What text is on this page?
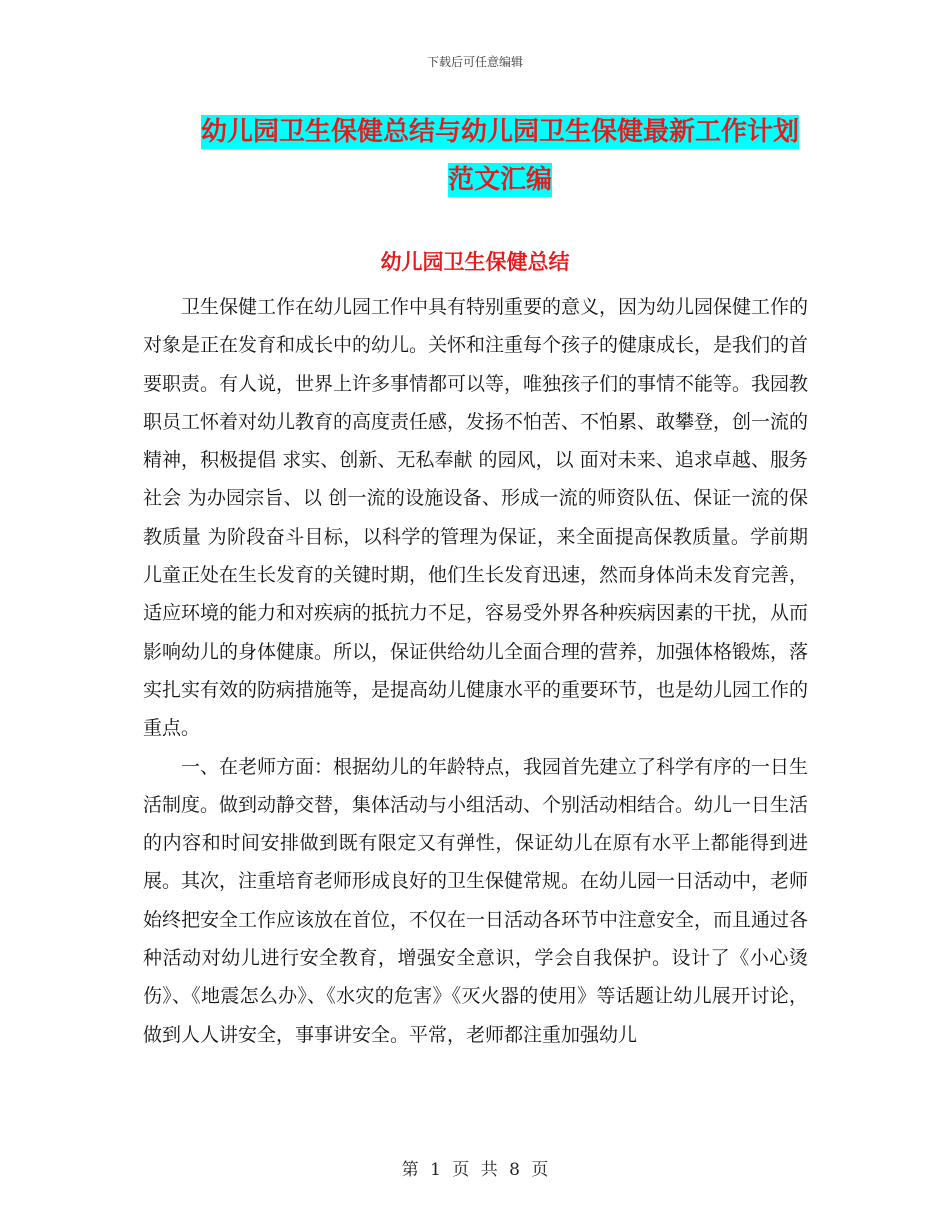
下载后可任意编辑
幼儿园卫生保健总结与幼儿园卫生保健最新工作计划
范文汇编
幼儿园卫生保健总结

卫生保健工作在幼儿园工作中具有特别重要的意义，因为幼儿园保健工作的对象是正在发育和成长中的幼儿。关怀和注重每个孩子的健康成长，是我们的首要职责。有人说，世界上许多事情都可以等，唯独孩子们的事情不能等。我园教职员工怀着对幼儿教育的高度责任感，发扬不怕苦、不怕累、敢攀登，创一流的精神，积极提倡 求实、创新、无私奉献 的园风，以 面对未来、追求卓越、服务社会 为办园宗旨、以 创一流的设施设备、形成一流的师资队伍、保证一流的保教质量 为阶段奋斗目标，以科学的管理为保证，来全面提高保教质量。学前期儿童正处在生长发育的关键时期，他们生长发育迅速，然而身体尚未发育完善，适应环境的能力和对疾病的抵抗力不足，容易受外界各种疾病因素的干扰，从而影响幼儿的身体健康。所以，保证供给幼儿全面合理的营养，加强体格锻炼，落实扎实有效的防病措施等，是提高幼儿健康水平的重要环节，也是幼儿园工作的重点。

一、在老师方面：根据幼儿的年龄特点，我园首先建立了科学有序的一日生活制度。做到动静交替，集体活动与小组活动、个别活动相结合。幼儿一日生活的内容和时间安排做到既有限定又有弹性，保证幼儿在原有水平上都能得到进展。其次，注重培育老师形成良好的卫生保健常规。在幼儿园一日活动中，老师始终把安全工作应该放在首位，不仅在一日活动各环节中注意安全，而且通过各种活动对幼儿进行安全教育，增强安全意识，学会自我保护。设计了《小心烫伤》、《地震怎么办》、《水灾的危害》《灭火器的使用》等话题让幼儿展开讨论，做到人人讲安全，事事讲安全。平常，老师都注重加强幼儿

第 1 页 共 8 页
